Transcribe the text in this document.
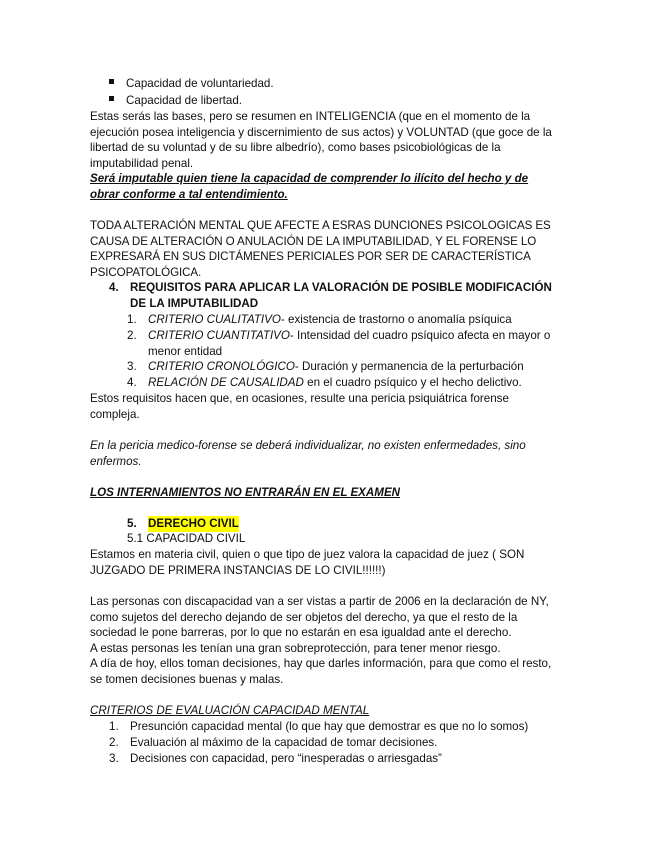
Capacidad de voluntariedad.
Capacidad de libertad.

Estas serás las bases, pero se resumen en INTELIGENCIA (que en el momento de la ejecución posea inteligencia y discernimiento de sus actos) y VOLUNTAD (que goce de la libertad de su voluntad y de su libre albedrío), como bases psicobiológicas de la imputabilidad penal.

Será imputable quien tiene la capacidad de comprender lo ilícito del hecho y de obrar conforme a tal entendimiento.

TODA ALTERACIÓN MENTAL QUE AFECTE A ESRAS DUNCIONES PSICOLOGICAS ES CAUSA DE ALTERACIÓN O ANULACIÓN DE LA IMPUTABILIDAD, Y EL FORENSE LO EXPRESARÁ EN SUS DICTÁMENES PERICIALES POR SER DE CARACTERÍSTICA PSICOPATOLÓGICA.

4. REQUISITOS PARA APLICAR LA VALORACIÓN DE POSIBLE MODIFICACIÓN DE LA IMPUTABILIDAD
1. CRITERIO CUALITATIVO- existencia de trastorno o anomalía psíquica
2. CRITERIO CUANTITATIVO- Intensidad del cuadro psíquico afecta en mayor o menor entidad
3. CRITERIO CRONOLÓGICO- Duración y permanencia de la perturbación
4. RELACIÓN DE CAUSALIDAD en el cuadro psíquico y el hecho delictivo.

Estos requisitos hacen que, en ocasiones, resulte una pericia psiquiátrica forense compleja.

En la pericia medico-forense se deberá individualizar, no existen enfermedades, sino enfermos.

LOS INTERNAMIENTOS NO ENTRARÁN EN EL EXAMEN

5. DERECHO CIVIL
5.1 CAPACIDAD CIVIL

Estamos en materia civil, quien o que tipo de juez valora la capacidad de juez ( SON JUZGADO DE PRIMERA INSTANCIAS DE LO CIVIL!!!!!!)

Las personas con discapacidad van a ser vistas a partir de 2006 en la declaración de NY, como sujetos del derecho dejando de ser objetos del derecho, ya que el resto de la sociedad le pone barreras, por lo que no estarán en esa igualdad ante el derecho.
A estas personas les tenían una gran sobreprotección, para tener menor riesgo.
A día de hoy, ellos toman decisiones, hay que darles información, para que como el resto, se tomen decisiones buenas y malas.

CRITERIOS DE EVALUACIÓN CAPACIDAD MENTAL

1. Presunción capacidad mental (lo que hay que demostrar es que no lo somos)
2. Evaluación al máximo de la capacidad de tomar decisiones.
3. Decisiones con capacidad, pero “inesperadas o arriesgadas”
